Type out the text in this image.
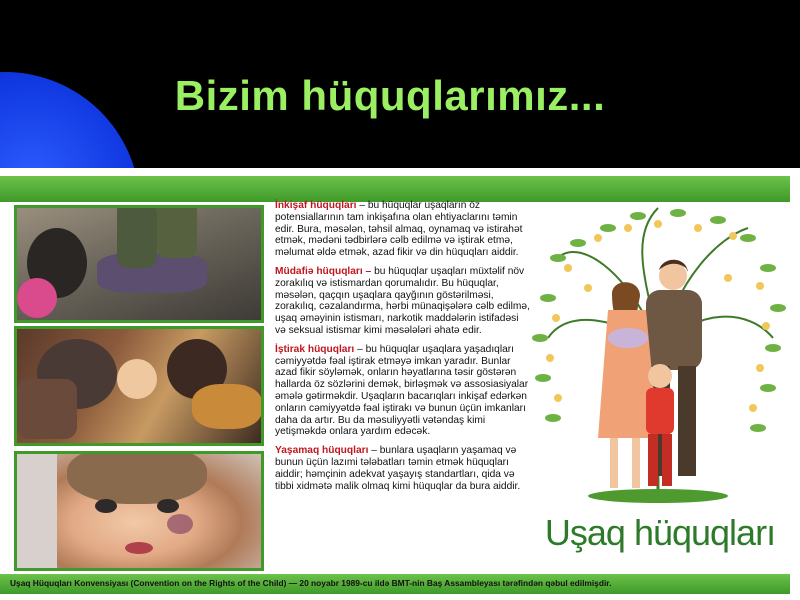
Bizim hüquqlarımız...

İnkişaf hüquqları – bu hüquqlar uşaqların öz potensiallarının tam inkişafına olan ehtiyaclarını təmin edir. Bura, məsələn, təhsil almaq, oynamaq və istirahət etmək, mədəni tədbirlərə cəlb edilmə və iştirak etmə, məlumat əldə etmək, azad fikir və din hüquqları aiddir.

Müdafiə hüquqları – bu hüquqlar uşaqları müxtəlif növ zorakılıq və istismardan qorumalıdır. Bu hüquqlar, məsələn, qaçqın uşaqlara qayğının göstərilməsi, zorakılıq, cəzalandırma, hərbi münaqişələrə cəlb edilmə, uşaq əməyinin istismarı, narkotik maddələrin istifadəsi və seksual istismar kimi məsələləri əhatə edir.

İştirak hüquqları – bu hüquqlar uşaqlara yaşadıqları cəmiyyətdə fəal iştirak etməyə imkan yaradır. Bunlar azad fikir söyləmək, onların həyatlarına təsir göstərən hallarda öz sözlərini demək, birləşmək və assosiasiyalar əmələ gətirməkdir. Uşaqların bacarıqları inkişaf edərkən onların cəmiyyətdə fəal iştirakı və bunun üçün imkanları daha da artır. Bu da məsuliyyətli vətəndaş kimi yetişməkdə onlara yardım edəcək.

Yaşamaq hüquqları – bunlara uşaqların yaşamaq və bunun üçün lazımi tələbatları təmin etmək hüquqları aiddir; həmçinin adekvat yaşayış standartları, qida və tibbi xidmətə malik olmaq kimi hüquqlar da bura aiddir.

Uşaq hüquqları
Uşaq Hüquqları Konvensiyası (Convention on the Rights of the Child) — 20 noyabr 1989-cu ildə BMT-nin Baş Assambleyası tərəfindən qəbul edilmişdir.
